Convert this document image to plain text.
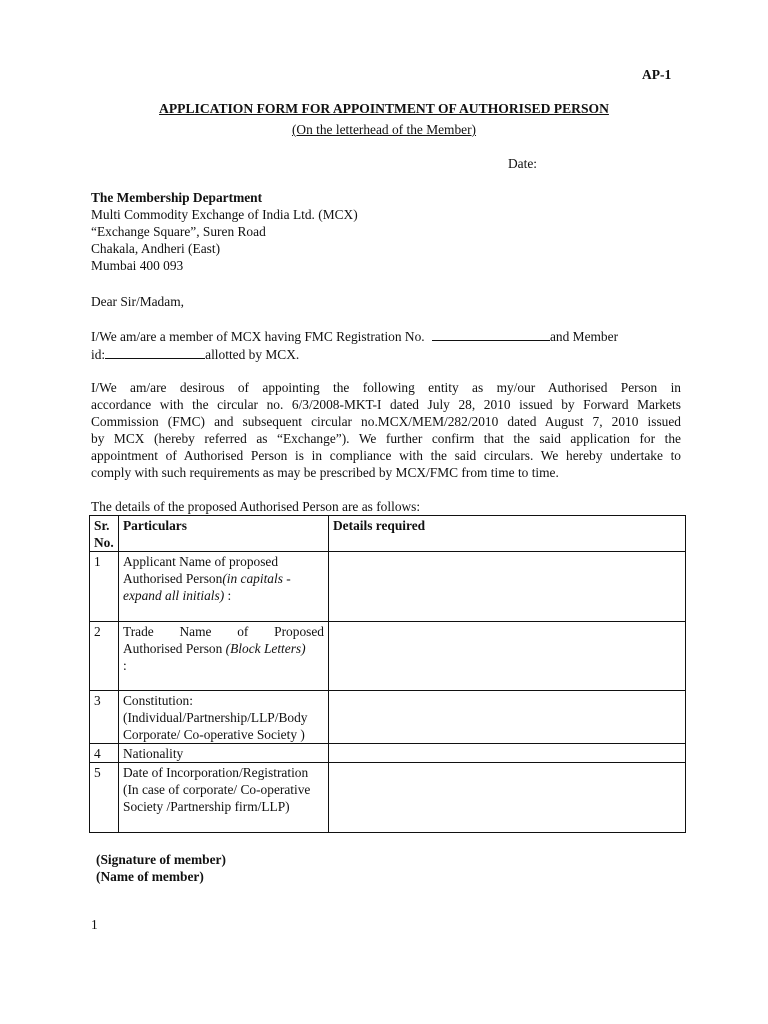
AP-1
APPLICATION FORM FOR APPOINTMENT OF AUTHORISED PERSON
(On the letterhead of the Member)
Date:
The Membership Department
Multi Commodity Exchange of India Ltd. (MCX)
“Exchange Square”, Suren Road
Chakala, Andheri (East)
Mumbai 400 093
Dear Sir/Madam,
I/We am/are a member of MCX having FMC Registration No.	and Member
id:	allotted by MCX.
I/We am/are desirous of appointing the following entity as my/our Authorised Person in
accordance with the circular no. 6/3/2008-MKT-I dated July 28, 2010 issued by Forward Markets
Commission (FMC) and subsequent circular no.MCX/MEM/282/2010 dated August 7, 2010 issued
by MCX (hereby referred as “Exchange”). We further confirm that the said application for the
appointment of Authorised Person is in compliance with the said circulars. We hereby undertake to
comply with such requirements as may be prescribed by MCX/FMC from time to time.
The details of the proposed Authorised Person are as follows:
Sr. No.	Particulars	Details required
1	Applicant Name of proposed Authorised Person(in capitals - expand all initials) :	
2	Trade Name of Proposed
Authorised Person (Block Letters)
:	
3	Constitution: (Individual/Partnership/LLP/Body Corporate/ Co-operative Society )	
4	Nationality	
5	Date of Incorporation/Registration (In case of corporate/ Co-operative Society /Partnership firm/LLP)	
(Signature of member)
(Name of member)
1
